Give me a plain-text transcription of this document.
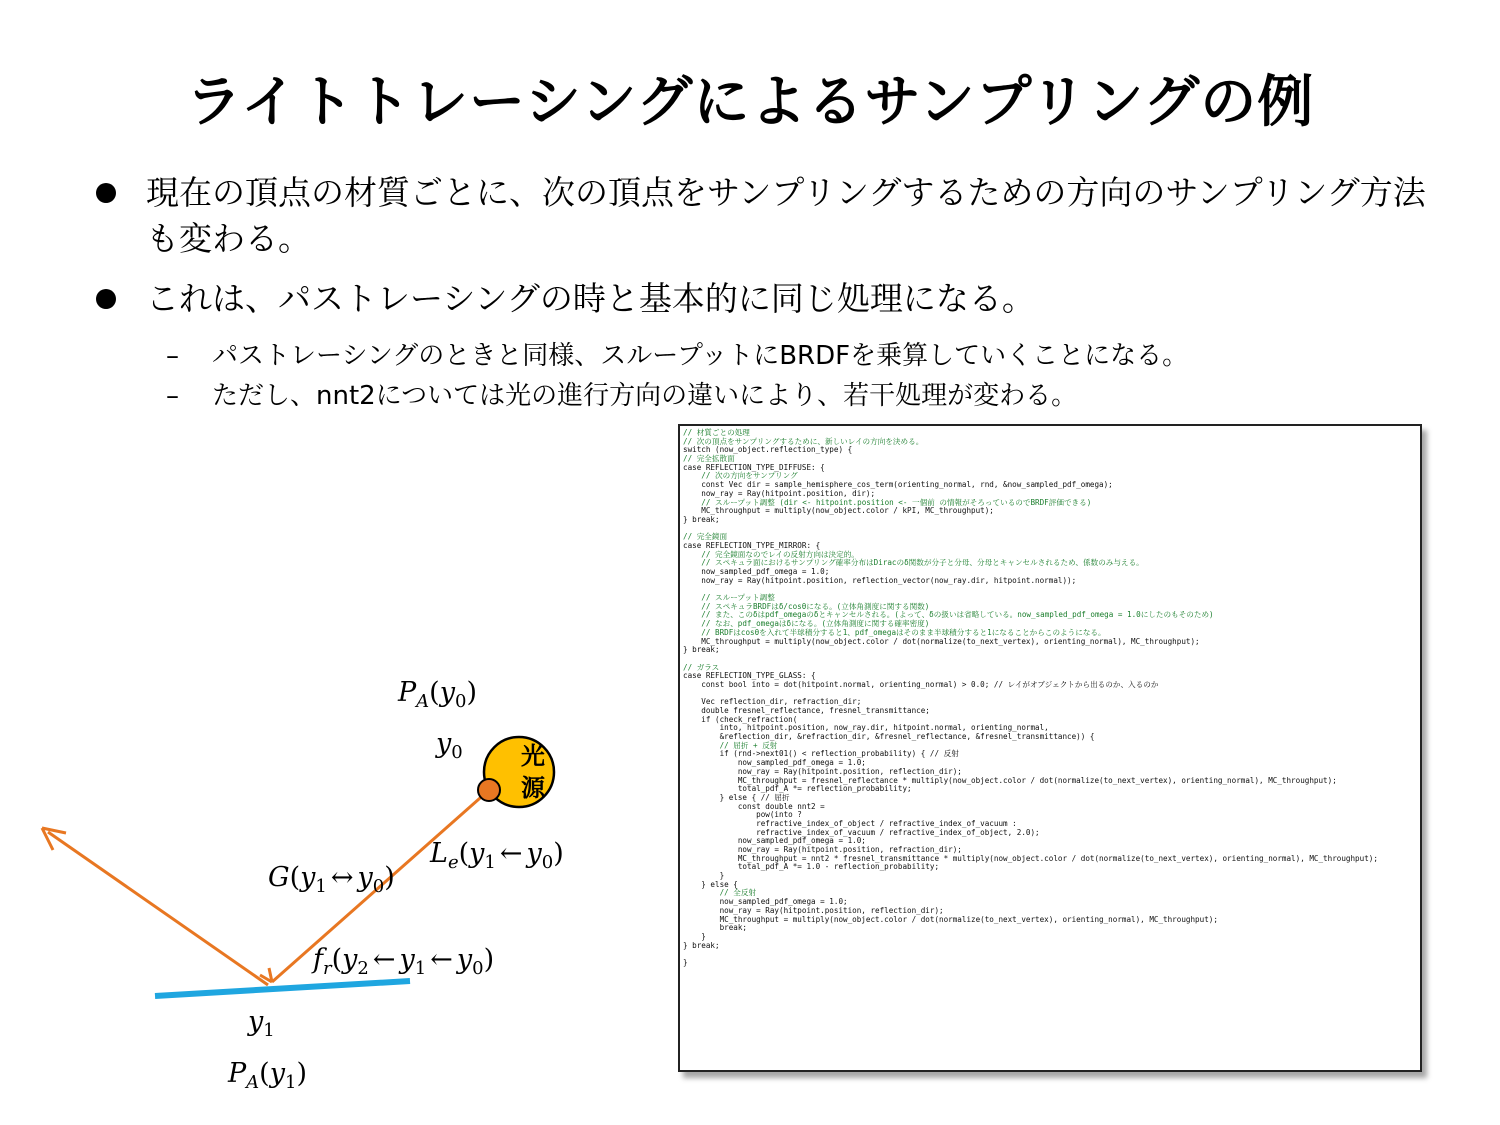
ライトトレーシングによるサンプリングの例
現在の頂点の材質ごとに、次の頂点をサンプリングするための方向のサンプリング方法も変わる。
これは、パストレーシングの時と基本的に同じ処理になる。
– パストレーシングのときと同様、スループットにBRDFを乗算していくことになる。
– ただし、nnt2については光の進行方向の違いにより、若干処理が変わる。
光
源
$P_A(y_0)$
$y_0$
$L_e(y_1$ ← $y_0$)
$G(y_1$ ↔ $y_0$)
$f_r(y_2$ ← $y_1$ ← $y_0$)
$y_1$
$P_A(y_1)$
// 材質ごとの処理
// 次の頂点をサンプリングするために、新しいレイの方向を決める。
switch (now_object.reflection_type) {
// 完全拡散面
case REFLECTION_TYPE_DIFFUSE: {
// 次の方向をサンプリング
const Vec dir = sample_hemisphere_cos_term(orienting_normal, rnd, &now_sampled_pdf_omega);
now_ray = Ray(hitpoint.position, dir);
// スループット調整 (dir <- hitpoint.position <- 一個前 の情報がそろっているのでBRDF評価できる)
MC_throughput = multiply(now_object.color / kPI, MC_throughput);
} break;

// 完全鏡面
case REFLECTION_TYPE_MIRROR: {
// 完全鏡面なのでレイの反射方向は決定的。
// スペキュラ面におけるサンプリング確率分布はDiracのδ関数が分子と分母、分母とキャンセルされるため、係数のみ与える。
now_sampled_pdf_omega = 1.0;
now_ray = Ray(hitpoint.position, reflection_vector(now_ray.dir, hitpoint.normal));

// スループット調整
// スペキュラBRDFはδ/cosθになる。(立体角測度に関する関数)
// また、このδはpdf_omegaのδとキャンセルされる。(よって、δの扱いは省略している。now_sampled_pdf_omega = 1.0にしたのもそのため)
// なお、pdf_omegaはδになる。(立体角測度に関する確率密度)
// BRDFはcosθを入れて半球積分すると1、pdf_omegaはそのまま半球積分すると1になることからこのようになる。
MC_throughput = multiply(now_object.color / dot(normalize(to_next_vertex), orienting_normal), MC_throughput);
} break;

// ガラス
case REFLECTION_TYPE_GLASS: {
const bool into = dot(hitpoint.normal, orienting_normal) > 0.0; // レイがオブジェクトから出るのか、入るのか

Vec reflection_dir, refraction_dir;
double fresnel_reflectance, fresnel_transmittance;
if (check_refraction(
into, hitpoint.position, now_ray.dir, hitpoint.normal, orienting_normal,
&reflection_dir, &refraction_dir, &fresnel_reflectance, &fresnel_transmittance)) {
// 屈折 + 反射
if (rnd->next01() < reflection_probability) { // 反射
now_sampled_pdf_omega = 1.0;
now_ray = Ray(hitpoint.position, reflection_dir);
MC_throughput = fresnel_reflectance * multiply(now_object.color / dot(normalize(to_next_vertex), orienting_normal), MC_throughput);
total_pdf_A *= reflection_probability;
} else { // 屈折
const double nnt2 =
pow(into ?
refractive_index_of_object / refractive_index_of_vacuum :
refractive_index_of_vacuum / refractive_index_of_object, 2.0);
now_sampled_pdf_omega = 1.0;
now_ray = Ray(hitpoint.position, refraction_dir);
MC_throughput = nnt2 * fresnel_transmittance * multiply(now_object.color / dot(normalize(to_next_vertex), orienting_normal), MC_throughput);
total_pdf_A *= 1.0 - reflection_probability;
}
} else {
// 全反射
now_sampled_pdf_omega = 1.0;
now_ray = Ray(hitpoint.position, reflection_dir);
MC_throughput = multiply(now_object.color / dot(normalize(to_next_vertex), orienting_normal), MC_throughput);
break;
}
} break;

}
